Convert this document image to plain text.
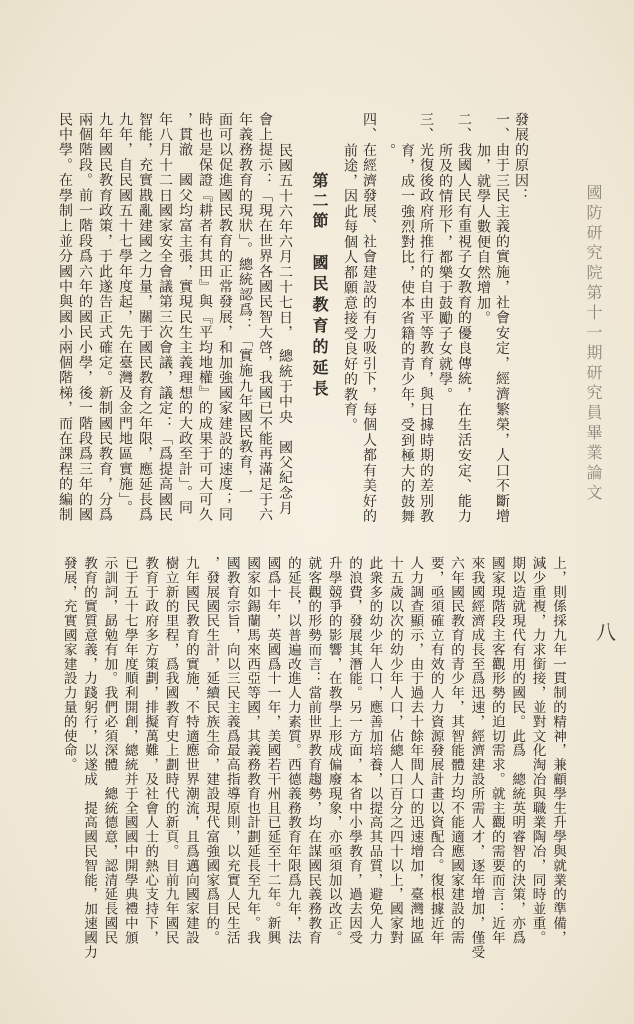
國防研究院第十一期研究員畢業論文
八
發展的原因：
一、由于三民主義的實施，社會安定，經濟繁榮，人口不斷增
加，就學人數便自然增加。
二、我國人民有重視子女教育的優良傳統，在生活安定、能力
所及的情形下，都樂于鼓勵子女就學。
三、光復後政府所推行的自由平等教育，與日據時期的差別教
育，成一強烈對比，使本省籍的青少年，受到極大的鼓舞
。
四、在經濟發展、社會建設的有力吸引下，每個人都有美好的
前途，因此每個人都願意接受良好的教育。
第二節國民教育的延長
民國五十六年六月二十七日，　總統于中央　國父紀念月
會上提示：「現在世界各國民智大啓，我國已不能再滿足于六
年義務教育的現狀」。總統認爲：「實施九年國民教育，一
面可以促進國民教育的正常發展，和加強國家建設的速度；同
時也是保證『耕者有其田』與『平均地權』的成果于可大可久
，貫澈　國父均富主張，實現民生主義理想的大政至計」。同
年八月十二日國家安全會議第三次會議，議定：「爲提高國民
智能，充實戡亂建國之力量，關于國民教育之年限，應延長爲
九年，自民國五十七學年度起，先在臺灣及金門地區實施」。
九年國民教育政策，于此遂告正式確定。新制國民教育，分爲
兩個階段。前一階段爲六年的國民小學，後一階段爲三年的國
民中學。在學制上並分國中與國小兩個階梯，而在課程的編制
上，則係採九年一貫制的精神，兼顧學生升學與就業的準備，
減少重複，力求銜接，並對文化淘冶與職業陶冶，同時並重。
期以造就現代有用的國民。此爲　總統英明睿智的決策，亦爲
國家現階段主客觀形勢的迫切需求。就主觀的需要而言：近年
來我國經濟成長至爲迅速，經濟建設所需人才，逐年增加，僅受
六年國民教育的青少年，其智能體力均不能適應國家建設的需
要，亟須確立有效的人力資源發展計畫以資配合。復根據近年
人力調查顯示，由于過去十餘年間人口的迅速增加，臺灣地區
十五歲以次的幼少年人口，佔總人口百分之四十以上，國家對
此衆多的幼少年人口，應善加培養，以提高其品質，避免人力
的浪費，發展其潛能。另一方面，本省中小學教育，過去因受
升學競爭的影響，在教學上形成偏廢現象，亦亟須加以改正。
就客觀的形勢而言：當前世界教育趨勢，均在謀國民義務教育
的延長，以普遍改進人力素質。西德義務教育年限爲九年，法
國爲十年，英國爲十一年，美國若干州且已延至十二年。新興
國家如錫蘭馬來西亞等國，其義務教育也計劃延長至九年。我
國教育宗旨，向以三民主義爲最高指導原則，以充實人民生活
，發展國民生計，延續民族生命，建設現代富強國家爲目的。
九年國民教育的實施，不特適應世界潮流，且爲邁向國家建設
樹立新的里程，爲我國教育史上劃時代的新頁。目前九年國民
教育于政府多方策劃，排擬萬難，及社會人士的熱心支持下，
已于五十七學年度順利開創，總統并于全國國中開學典禮中頒
示訓詞，勗勉有加。我們必須深體　總統德意，認清延長國民
教育的實質意義，力踐躬行，以遂成　提高國民智能，加速國力
發展，充實國家建設力量的使命。
